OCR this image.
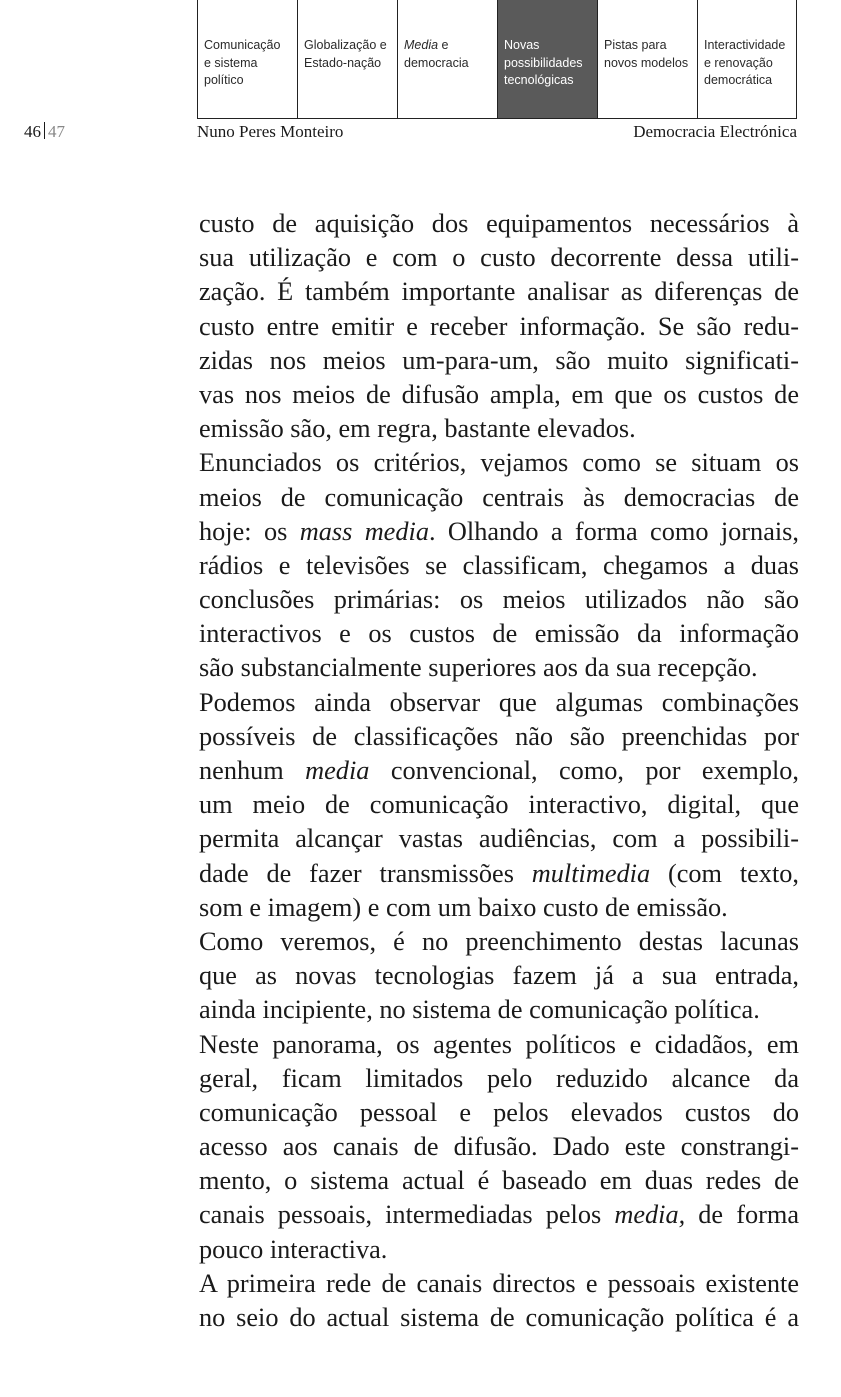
Comunicação
e sistema
político
Globalização e
Estado-nação
Media e
democracia
Novas
possibilidades
tecnológicas
Pistas para
novos modelos
Interactividade
e renovação
democrática
46 47	Nuno Peres Monteiro	Democracia Electrónica
custo de aquisição dos equipamentos necessários à
sua utilização e com o custo decorrente dessa utili-
zação. É também importante analisar as diferenças de
custo entre emitir e receber informação. Se são redu-
zidas nos meios um-para-um, são muito significati-
vas nos meios de difusão ampla, em que os custos de
emissão são, em regra, bastante elevados.
Enunciados os critérios, vejamos como se situam os
meios de comunicação centrais às democracias de
hoje: os mass media. Olhando a forma como jornais,
rádios e televisões se classificam, chegamos a duas
conclusões primárias: os meios utilizados não são
interactivos e os custos de emissão da informação
são substancialmente superiores aos da sua recepção.
Podemos ainda observar que algumas combinações
possíveis de classificações não são preenchidas por
nenhum media convencional, como, por exemplo,
um meio de comunicação interactivo, digital, que
permita alcançar vastas audiências, com a possibili-
dade de fazer transmissões multimedia (com texto,
som e imagem) e com um baixo custo de emissão.
Como veremos, é no preenchimento destas lacunas
que as novas tecnologias fazem já a sua entrada,
ainda incipiente, no sistema de comunicação política.
Neste panorama, os agentes políticos e cidadãos, em
geral, ficam limitados pelo reduzido alcance da
comunicação pessoal e pelos elevados custos do
acesso aos canais de difusão. Dado este constrangi-
mento, o sistema actual é baseado em duas redes de
canais pessoais, intermediadas pelos media, de forma
pouco interactiva.
A primeira rede de canais directos e pessoais existente
no seio do actual sistema de comunicação política é a
